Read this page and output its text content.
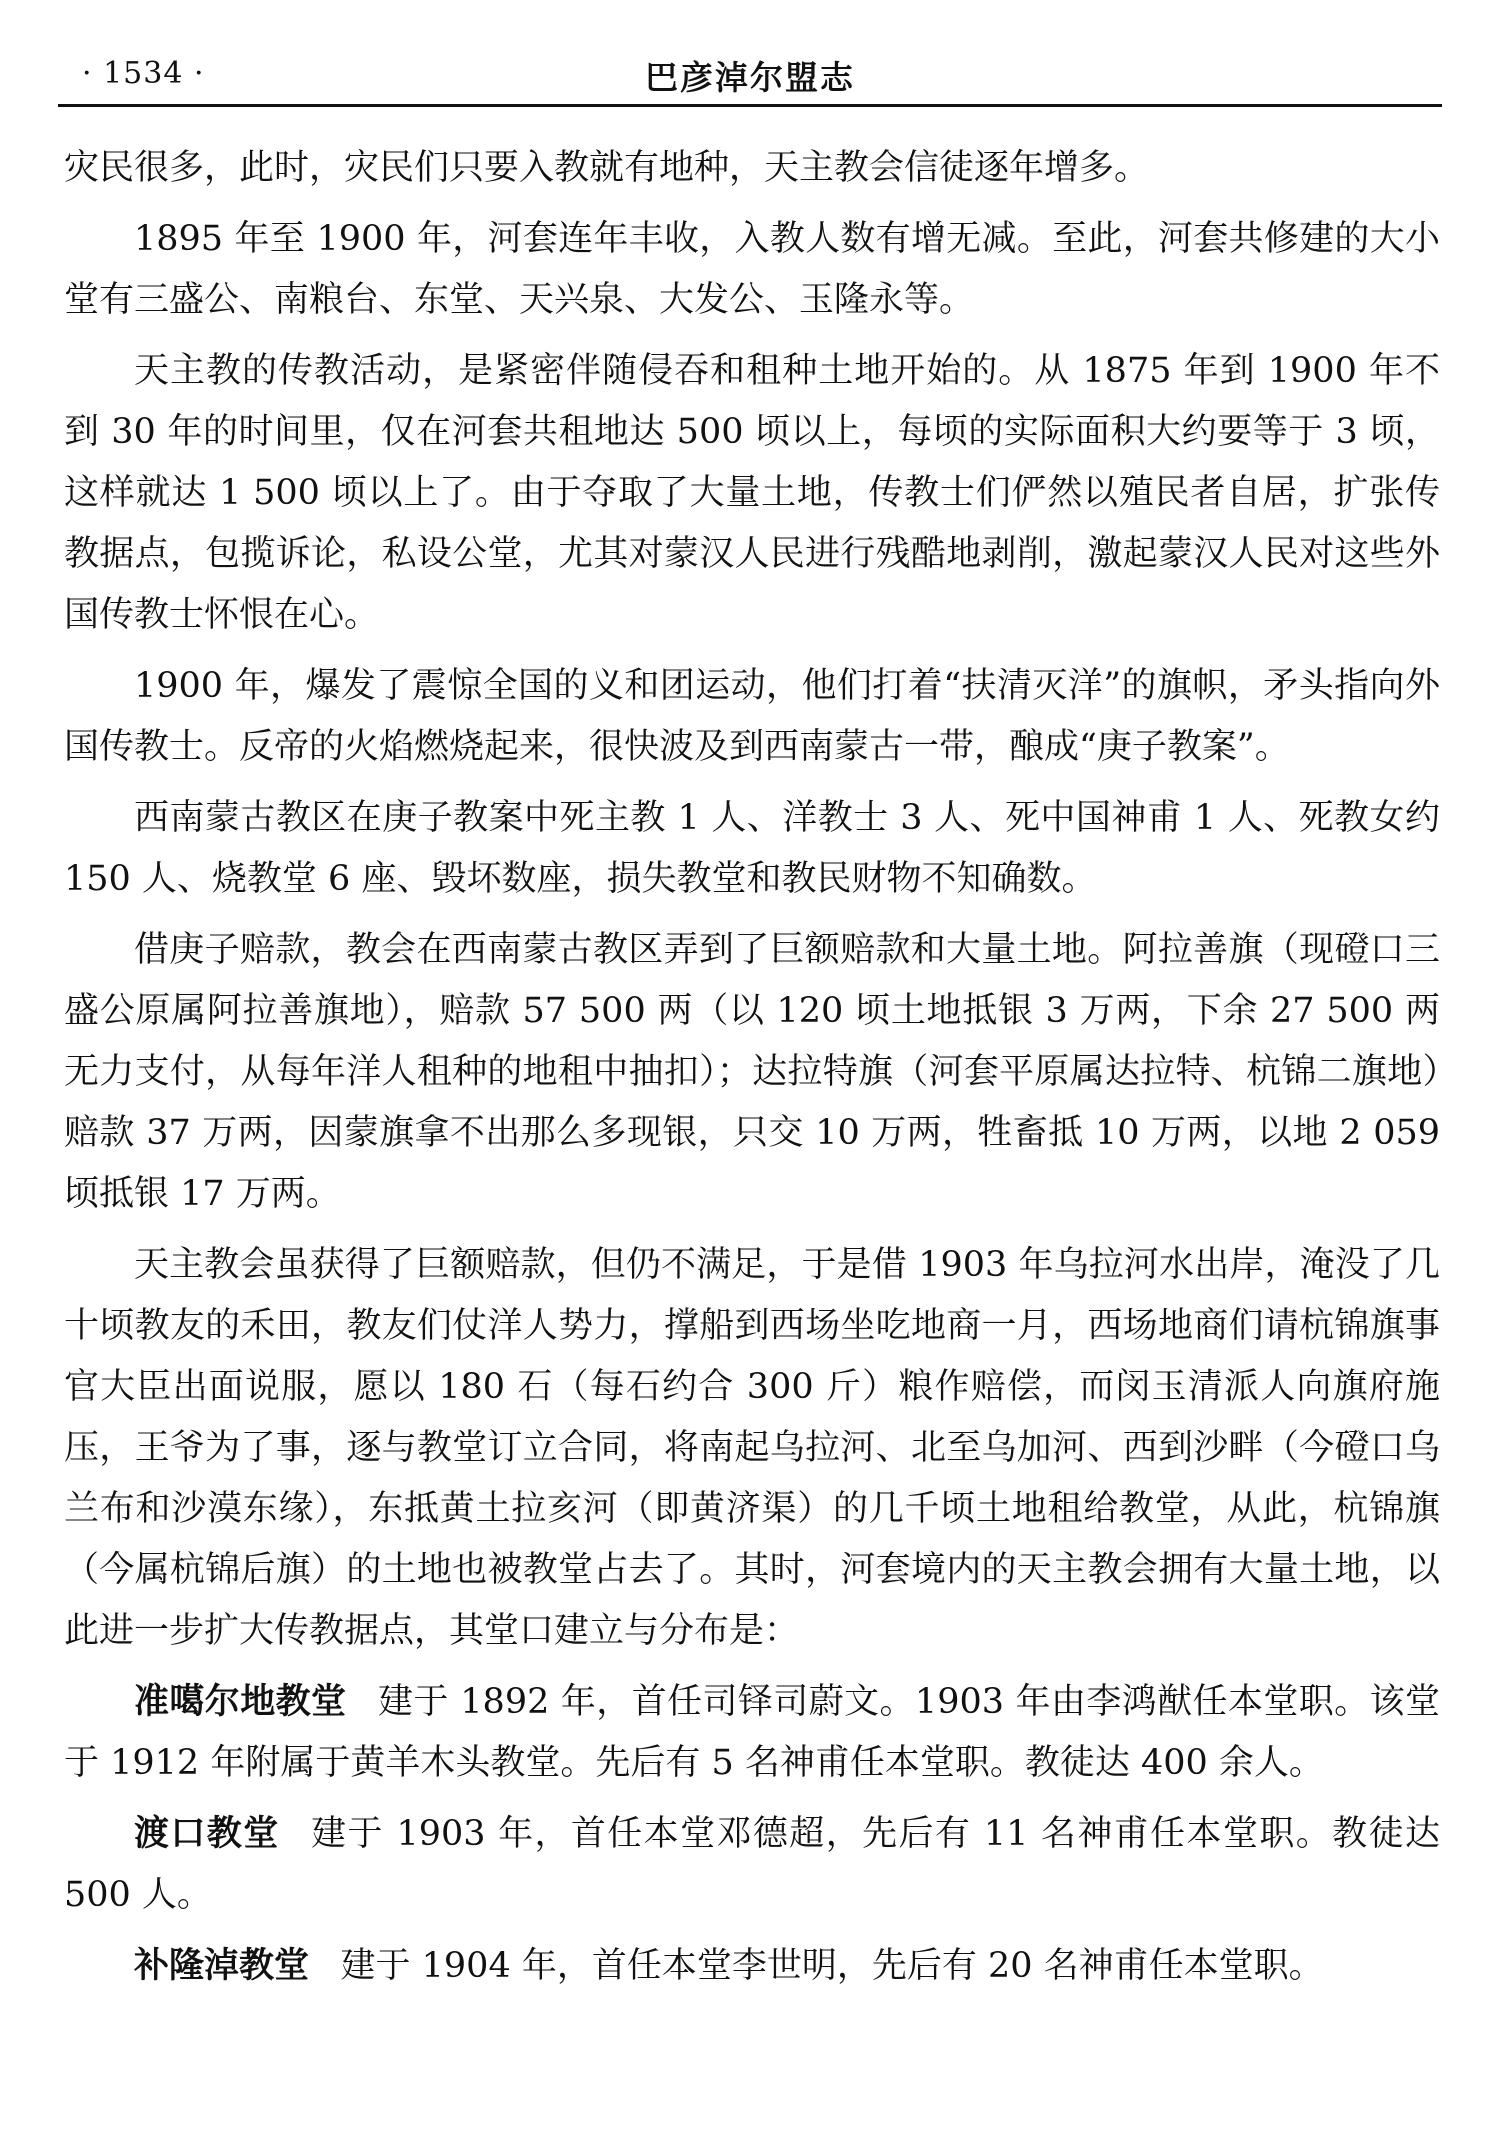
· 1534 ·	巴彦淖尔盟志

灾民很多，此时，灾民们只要入教就有地种，天主教会信徒逐年增多。

1895 年至 1900 年，河套连年丰收，入教人数有增无减。至此，河套共修建的大小堂有三盛公、南粮台、东堂、天兴泉、大发公、玉隆永等。

天主教的传教活动，是紧密伴随侵吞和租种土地开始的。从 1875 年到 1900 年不到 30 年的时间里，仅在河套共租地达 500 顷以上，每顷的实际面积大约要等于 3 顷，这样就达 1 500 顷以上了。由于夺取了大量土地，传教士们俨然以殖民者自居，扩张传教据点，包揽诉论，私设公堂，尤其对蒙汉人民进行残酷地剥削，激起蒙汉人民对这些外国传教士怀恨在心。

1900 年，爆发了震惊全国的义和团运动，他们打着“扶清灭洋”的旗帜，矛头指向外国传教士。反帝的火焰燃烧起来，很快波及到西南蒙古一带，酿成“庚子教案”。

西南蒙古教区在庚子教案中死主教 1 人、洋教士 3 人、死中国神甫 1 人、死教女约 150 人、烧教堂 6 座、毁坏数座，损失教堂和教民财物不知确数。

借庚子赔款，教会在西南蒙古教区弄到了巨额赔款和大量土地。阿拉善旗（现磴口三盛公原属阿拉善旗地），赔款 57 500 两（以 120 顷土地抵银 3 万两，下余 27 500 两无力支付，从每年洋人租种的地租中抽扣）；达拉特旗（河套平原属达拉特、杭锦二旗地）赔款 37 万两，因蒙旗拿不出那么多现银，只交 10 万两，牲畜抵 10 万两，以地 2 059 顷抵银 17 万两。

天主教会虽获得了巨额赔款，但仍不满足，于是借 1903 年乌拉河水出岸，淹没了几十顷教友的禾田，教友们仗洋人势力，撑船到西场坐吃地商一月，西场地商们请杭锦旗事官大臣出面说服，愿以 180 石（每石约合 300 斤）粮作赔偿，而闵玉清派人向旗府施压，王爷为了事，逐与教堂订立合同，将南起乌拉河、北至乌加河、西到沙畔（今磴口乌兰布和沙漠东缘），东抵黄土拉亥河（即黄济渠）的几千顷土地租给教堂，从此，杭锦旗（今属杭锦后旗）的土地也被教堂占去了。其时，河套境内的天主教会拥有大量土地，以此进一步扩大传教据点，其堂口建立与分布是：

准噶尔地教堂 建于 1892 年，首任司铎司蔚文。1903 年由李鸿猷任本堂职。该堂于 1912 年附属于黄羊木头教堂。先后有 5 名神甫任本堂职。教徒达 400 余人。

渡口教堂 建于 1903 年，首任本堂邓德超，先后有 11 名神甫任本堂职。教徒达 500 人。

补隆淖教堂 建于 1904 年，首任本堂李世明，先后有 20 名神甫任本堂职。
